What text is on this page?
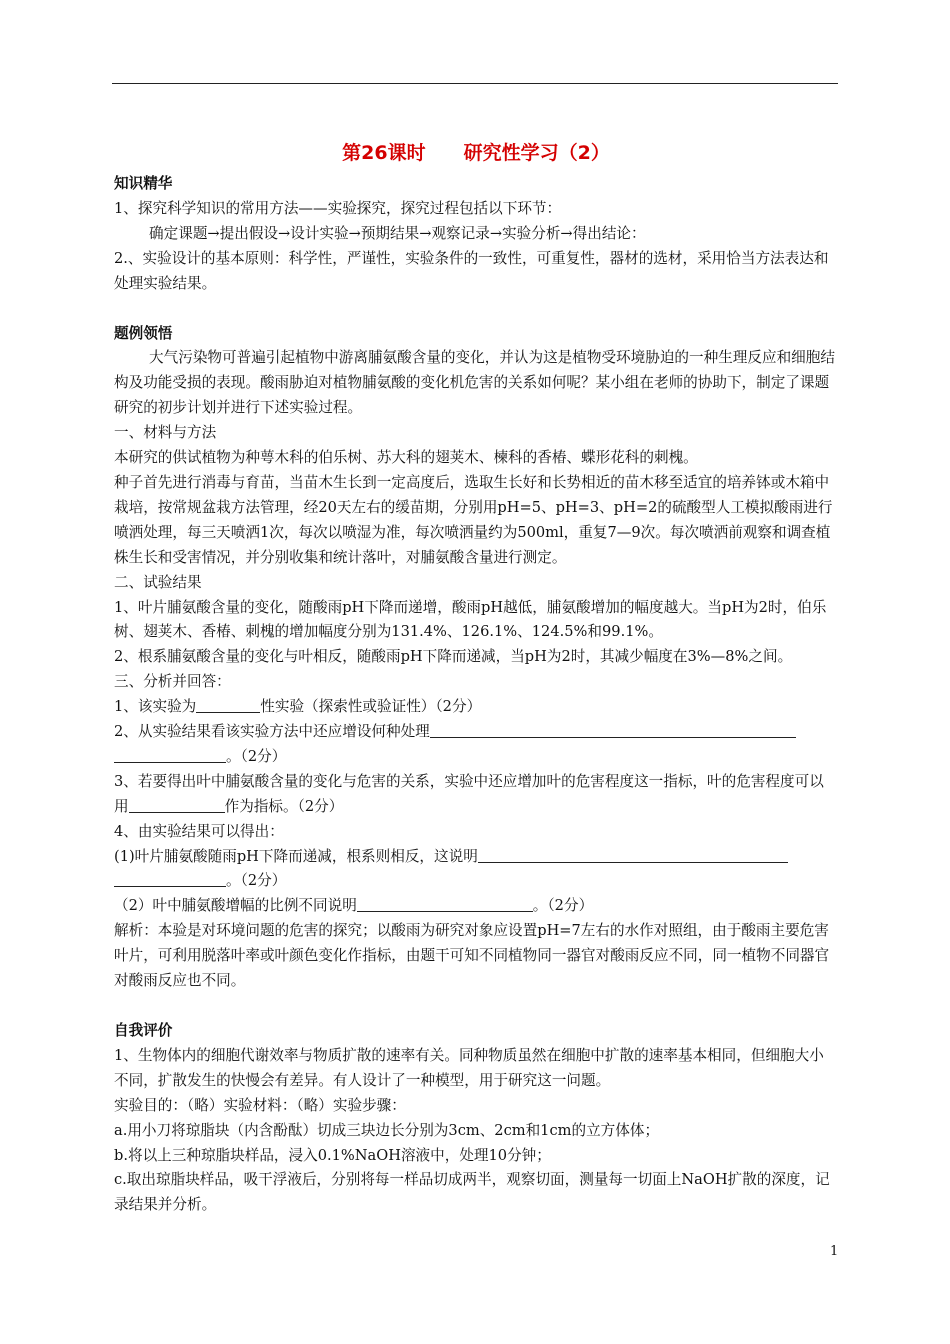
第26课时　　研究性学习（2）

知识精华

1、探究科学知识的常用方法——实验探究，探究过程包括以下环节：

确定课题→提出假设→设计实验→预期结果→观察记录→实验分析→得出结论：

2.、实验设计的基本原则：科学性，严谨性，实验条件的一致性，可重复性，器材的选材，采用恰当方法表达和处理实验结果。

题例领悟

大气污染物可普遍引起植物中游离脯氨酸含量的变化，并认为这是植物受环境胁迫的一种生理反应和细胞结构及功能受损的表现。酸雨胁迫对植物脯氨酸的变化机危害的关系如何呢？某小组在老师的协助下，制定了课题研究的初步计划并进行下述实验过程。

一、材料与方法

本研究的供试植物为种萼木科的伯乐树、苏大科的翅荚木、楝科的香椿、蝶形花科的刺槐。

种子首先进行消毒与育苗，当苗木生长到一定高度后，选取生长好和长势相近的苗木移至适宜的培养钵或木箱中栽培，按常规盆栽方法管理，经20天左右的缓苗期，分别用pH=5、pH=3、pH=2的硫酸型人工模拟酸雨进行喷洒处理，每三天喷洒1次，每次以喷湿为准，每次喷洒量约为500ml，重复7—9次。每次喷洒前观察和调查植株生长和受害情况，并分别收集和统计落叶，对脯氨酸含量进行测定。

二、试验结果

1、叶片脯氨酸含量的变化，随酸雨pH下降而递增，酸雨pH越低，脯氨酸增加的幅度越大。当pH为2时，伯乐树、翅荚木、香椿、刺槐的增加幅度分别为131.4%、126.1%、124.5%和99.1%。

2、根系脯氨酸含量的变化与叶相反，随酸雨pH下降而递减，当pH为2时，其减少幅度在3%—8%之间。

三、分析并回答：

1、该实验为	性实验（探索性或验证性）（2分）

2、从实验结果看该实验方法中还应增设何种处理
。（2分）

3、若要得出叶中脯氨酸含量的变化与危害的关系，实验中还应增加叶的危害程度这一指标，叶的危害程度可以用	作为指标。（2分）

4、由实验结果可以得出：

(1)叶片脯氨酸随雨pH下降而递减，根系则相反，这说明
。（2分）

（2）叶中脯氨酸增幅的比例不同说明	。（2分）

解析：本验是对环境问题的危害的探究；以酸雨为研究对象应设置pH=7左右的水作对照组，由于酸雨主要危害叶片，可利用脱落叶率或叶颜色变化作指标，由题干可知不同植物同一器官对酸雨反应不同，同一植物不同器官对酸雨反应也不同。

自我评价

1、生物体内的细胞代谢效率与物质扩散的速率有关。同种物质虽然在细胞中扩散的速率基本相同，但细胞大小不同，扩散发生的快慢会有差异。有人设计了一种模型，用于研究这一问题。

实验目的：（略）实验材料：（略）实验步骤：

a.用小刀将琼脂块（内含酚酞）切成三块边长分别为3cm、2cm和1cm的立方体体；

b.将以上三种琼脂块样品，浸入0.1%NaOH溶液中，处理10分钟；

c.取出琼脂块样品，吸干浮液后，分别将每一样品切成两半，观察切面，测量每一切面上NaOH扩散的深度，记录结果并分析。

1
